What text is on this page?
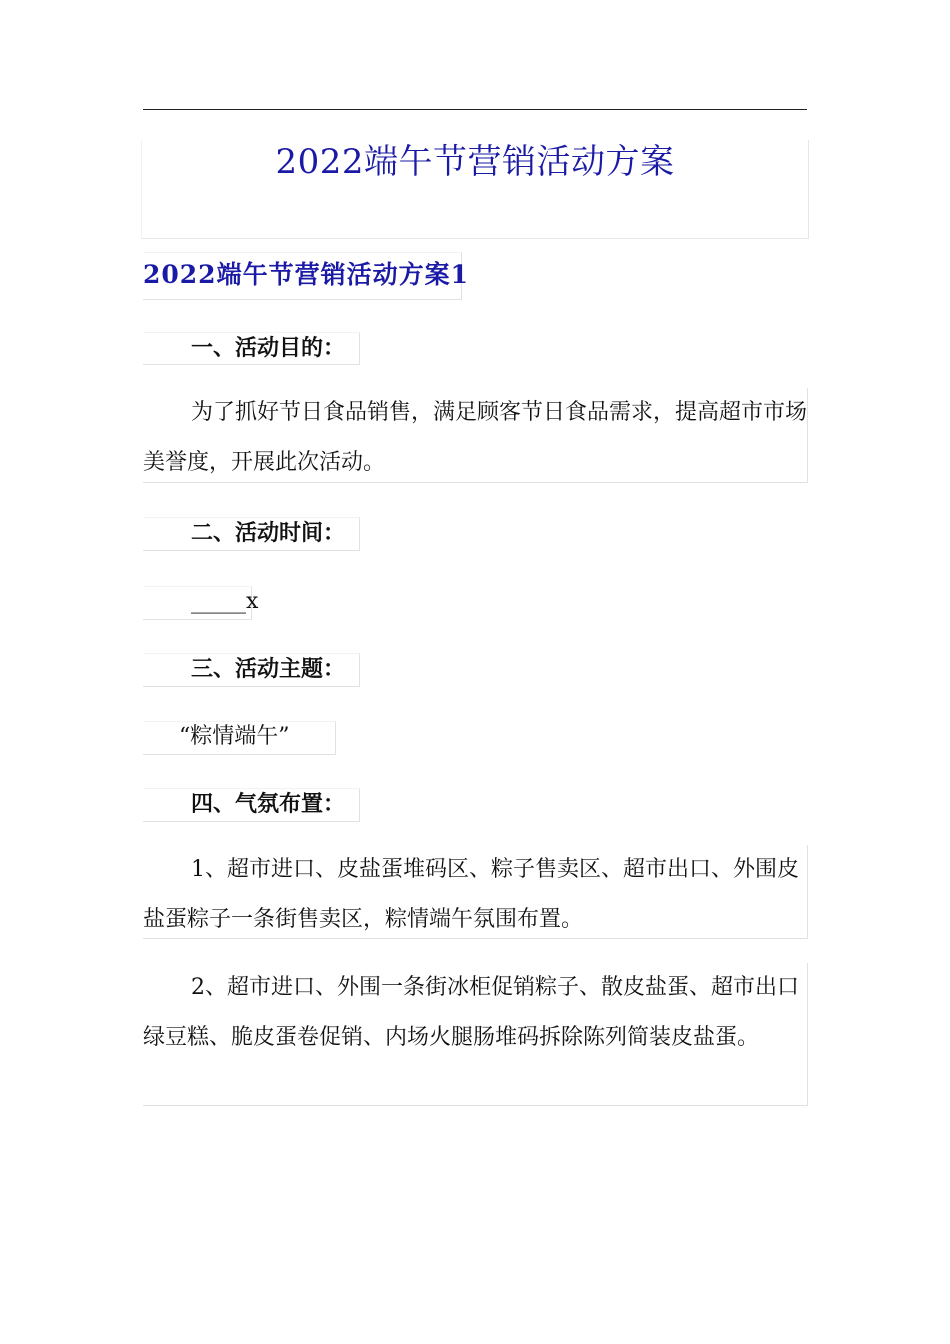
2022端午节营销活动方案
2022端午节营销活动方案1
一、活动目的：
为了抓好节日食品销售，满足顾客节日食品需求，提高超市市场美誉度，开展此次活动。
二、活动时间：
_____x
三、活动主题：
“粽情端午”
四、气氛布置：
1、超市进口、皮盐蛋堆码区、粽子售卖区、超市出口、外围皮盐蛋粽子一条街售卖区，粽情端午氛围布置。
2、超市进口、外围一条街冰柜促销粽子、散皮盐蛋、超市出口绿豆糕、脆皮蛋卷促销、内场火腿肠堆码拆除陈列简装皮盐蛋。
